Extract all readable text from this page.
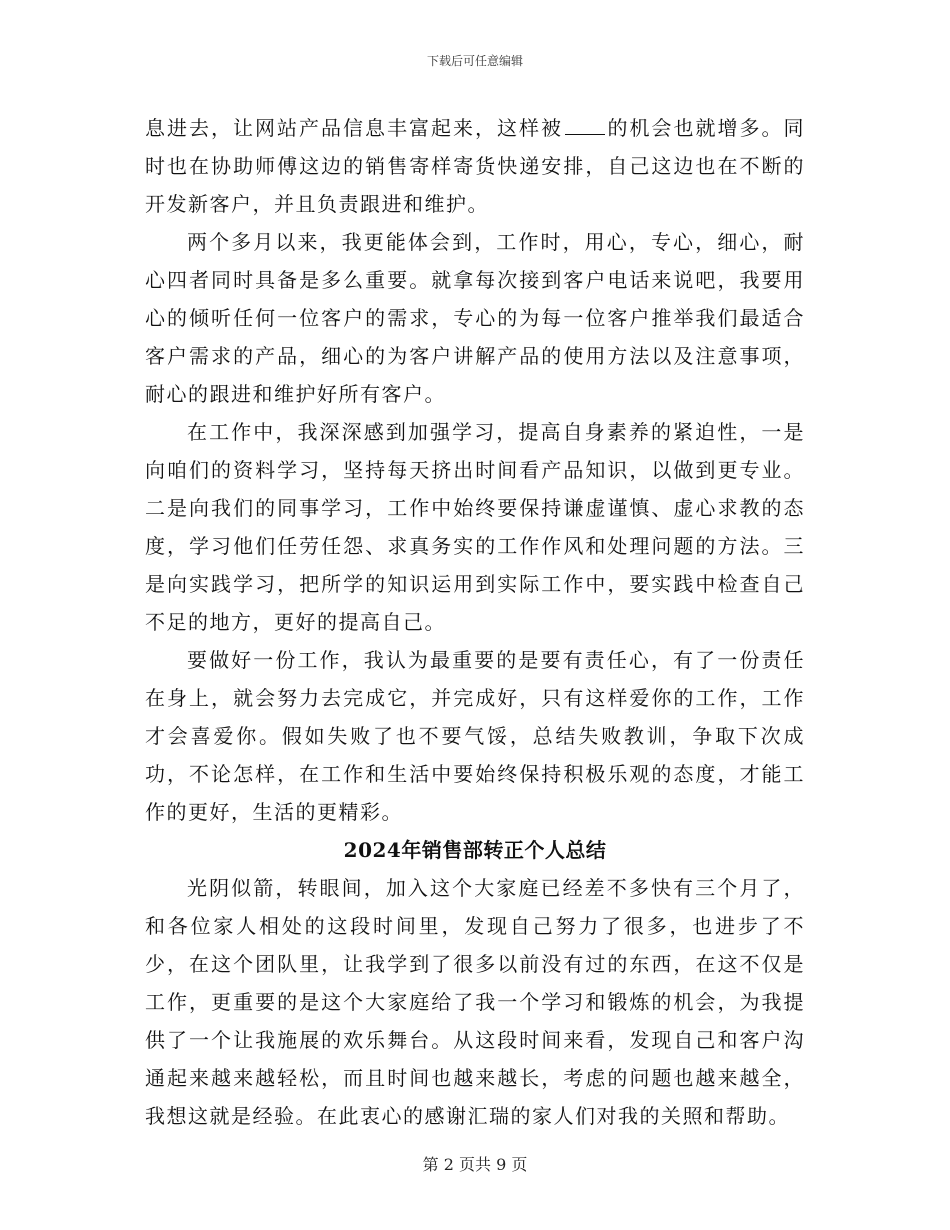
下载后可任意编辑

息进去，让网站产品信息丰富起来，这样被 的机会也就增多。同时也在协助师傅这边的销售寄样寄货快递安排，自己这边也在不断的开发新客户，并且负责跟进和维护。

两个多月以来，我更能体会到，工作时，用心，专心，细心，耐心四者同时具备是多么重要。就拿每次接到客户电话来说吧，我要用心的倾听任何一位客户的需求，专心的为每一位客户推举我们最适合客户需求的产品，细心的为客户讲解产品的使用方法以及注意事项，耐心的跟进和维护好所有客户。

在工作中，我深深感到加强学习，提高自身素养的紧迫性，一是向咱们的资料学习，坚持每天挤出时间看产品知识，以做到更专业。二是向我们的同事学习，工作中始终要保持谦虚谨慎、虚心求教的态度，学习他们任劳任怨、求真务实的工作作风和处理问题的方法。三是向实践学习，把所学的知识运用到实际工作中，要实践中检查自己不足的地方，更好的提高自己。

要做好一份工作，我认为最重要的是要有责任心，有了一份责任在身上，就会努力去完成它，并完成好，只有这样爱你的工作，工作才会喜爱你。假如失败了也不要气馁，总结失败教训，争取下次成功，不论怎样，在工作和生活中要始终保持积极乐观的态度，才能工作的更好，生活的更精彩。

2024年销售部转正个人总结

光阴似箭，转眼间，加入这个大家庭已经差不多快有三个月了，和各位家人相处的这段时间里，发现自己努力了很多，也进步了不少，在这个团队里，让我学到了很多以前没有过的东西，在这不仅是工作，更重要的是这个大家庭给了我一个学习和锻炼的机会，为我提供了一个让我施展的欢乐舞台。从这段时间来看，发现自己和客户沟通起来越来越轻松，而且时间也越来越长，考虑的问题也越来越全，我想这就是经验。在此衷心的感谢汇瑞的家人们对我的关照和帮助。

第 2 页共 9 页
